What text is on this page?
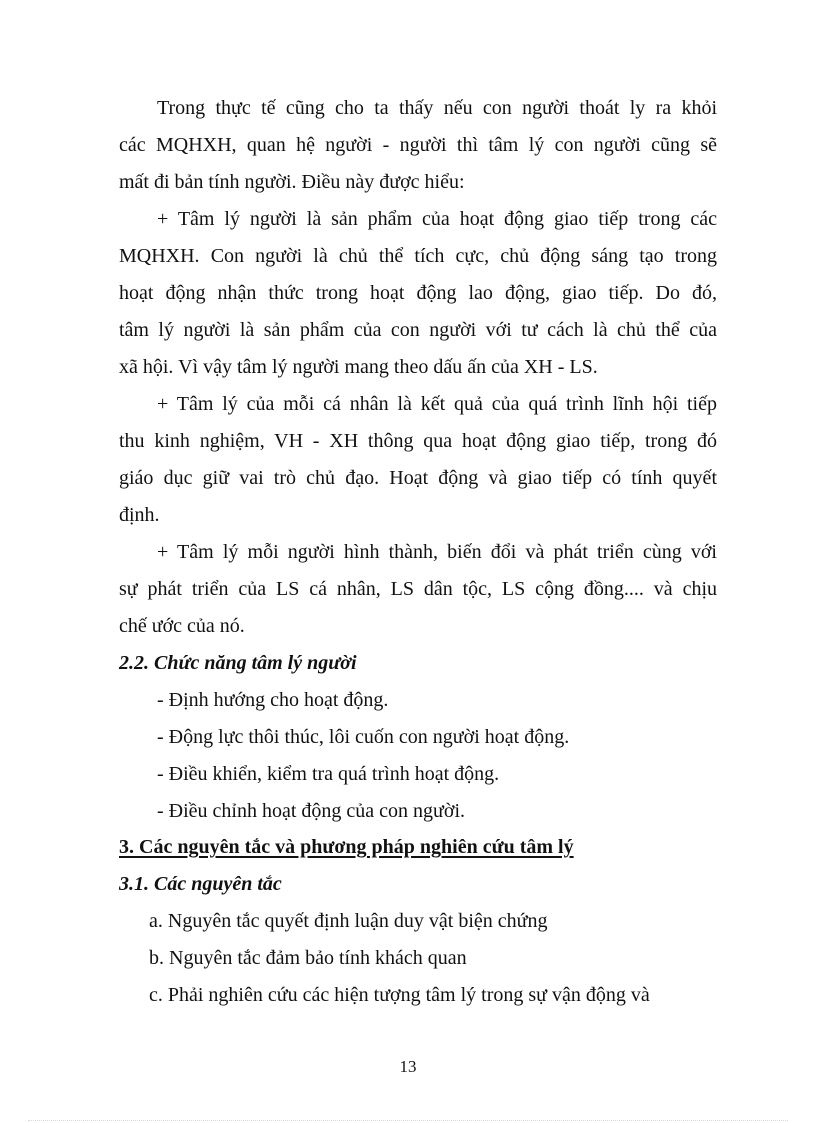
Trong thực tế cũng cho ta thấy nếu con người thoát ly ra khỏi

các MQHXH, quan hệ người - người thì tâm lý con người cũng sẽ

mất đi bản tính người. Điều này được hiểu:

+ Tâm lý người là sản phẩm của hoạt động giao tiếp trong các

MQHXH. Con người là chủ thể tích cực, chủ động sáng tạo trong

hoạt động nhận thức trong hoạt động lao động, giao tiếp. Do đó,

tâm lý người là sản phẩm của con người với tư cách là chủ thể của

xã hội. Vì vậy tâm lý người mang theo dấu ấn của XH - LS.

+ Tâm lý của mỗi cá nhân là kết quả của quá trình lĩnh hội tiếp

thu kinh nghiệm, VH - XH thông qua hoạt động giao tiếp, trong đó

giáo dục giữ vai trò chủ đạo. Hoạt động và giao tiếp có tính quyết

định.

+ Tâm lý mỗi người hình thành, biến đổi và phát triển cùng với

sự phát triển của LS cá nhân, LS dân tộc, LS cộng đồng.... và chịu

chế ước của nó.

2.2. Chức năng tâm lý người

- Định hướng cho hoạt động.

- Động lực thôi thúc, lôi cuốn con người hoạt động.

- Điều khiển, kiểm tra quá trình hoạt động.

- Điều chỉnh hoạt động của con người.

3. Các nguyên tắc và phương pháp nghiên cứu tâm lý

3.1. Các nguyên tắc

a. Nguyên tắc quyết định luận duy vật biện chứng

b. Nguyên tắc đảm bảo tính khách quan

c. Phải nghiên cứu các hiện tượng tâm lý trong sự vận động và

13
